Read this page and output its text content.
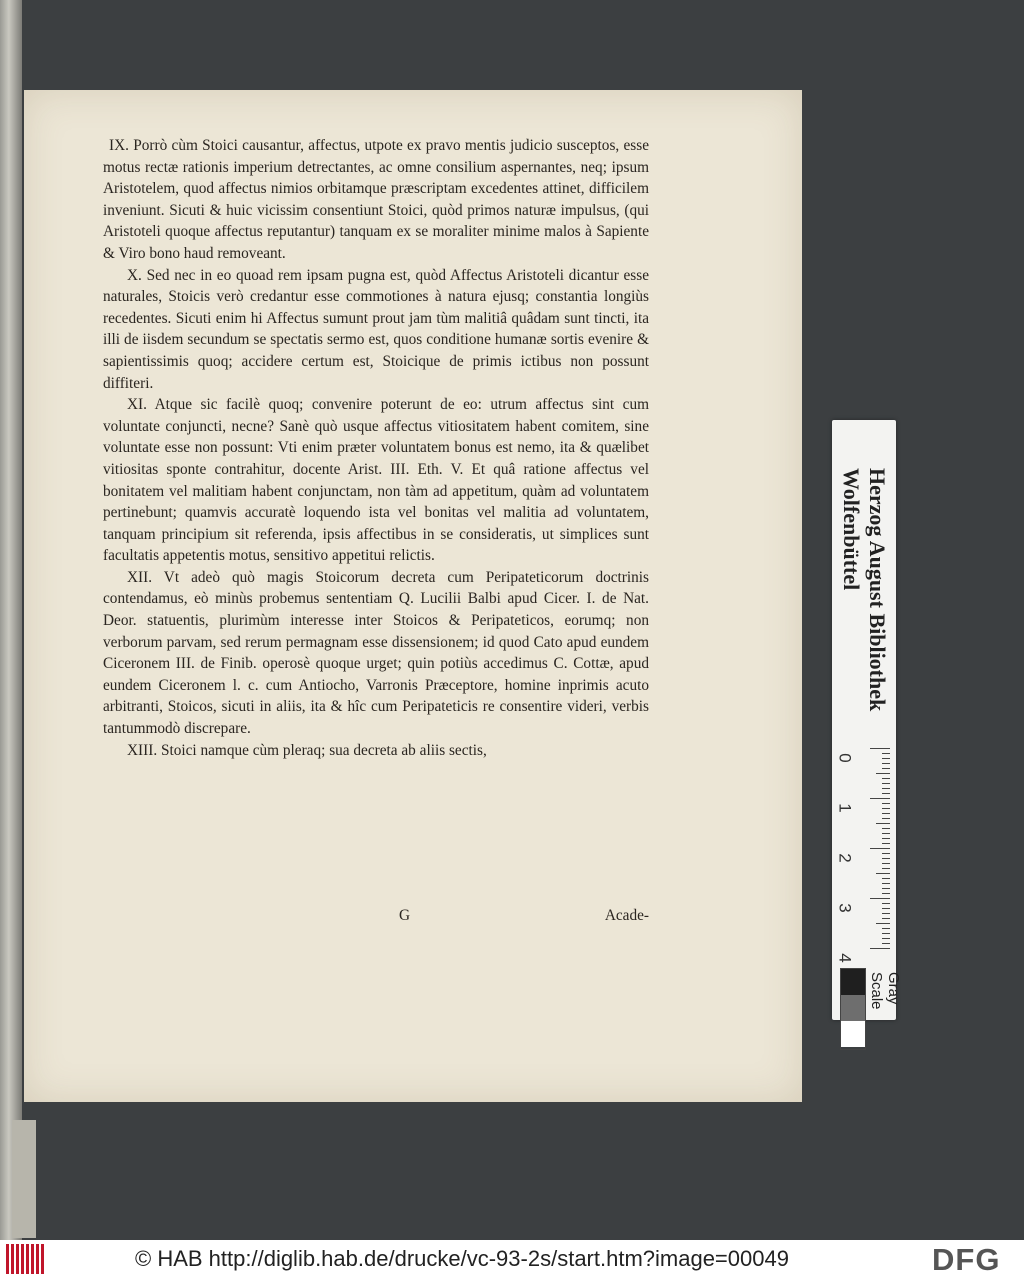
IX. Porrò cùm Stoici causantur, affectus, utpote ex pravo mentis judicio susceptos, esse motus rectæ rationis imperium detrectantes, ac omne consilium aspernantes, neq; ipsum Aristotelem, quod affectus nimios orbitamque præscriptam excedentes attinet, difficilem inveniunt. Sicuti & huic vicissim consentiunt Stoici, quòd primos naturæ impulsus, (qui Aristoteli quoque affectus reputantur) tanquam ex se moraliter minime malos à Sapiente & Viro bono haud removeant.

X. Sed nec in eo quoad rem ipsam pugna est, quòd Affectus Aristoteli dicantur esse naturales, Stoicis verò credantur esse commotiones à natura ejusq; constantia longiùs recedentes. Sicuti enim hi Affectus sumunt prout jam tùm malitiâ quâdam sunt tincti, ita illi de iisdem secundum se spectatis sermo est, quos conditione humanæ sortis evenire & sapientissimis quoq; accidere certum est, Stoicique de primis ictibus non possunt diffiteri.

XI. Atque sic facilè quoq; convenire poterunt de eo: utrum affectus sint cum voluntate conjuncti, necne? Sanè quò usque affectus vitiositatem habent comitem, sine voluntate esse non possunt: Vti enim præter voluntatem bonus est nemo, ita & quælibet vitiositas sponte contrahitur, docente Arist. III. Eth. V. Et quâ ratione affectus vel bonitatem vel malitiam habent conjunctam, non tàm ad appetitum, quàm ad voluntatem pertinebunt; quamvis accuratè loquendo ista vel bonitas vel malitia ad voluntatem, tanquam principium sit referenda, ipsis affectibus in se consideratis, ut simplices sunt facultatis appetentis motus, sensitivo appetitui relictis.

XII. Vt adeò quò magis Stoicorum decreta cum Peripateticorum doctrinis contendamus, eò minùs probemus sententiam Q. Lucilii Balbi apud Cicer. I. de Nat. Deor. statuentis, plurimùm interesse inter Stoicos & Peripateticos, eorumq; non verborum parvam, sed rerum permagnam esse dissensionem; id quod Cato apud eundem Ciceronem III. de Finib. operosè quoque urget; quin potiùs accedimus C. Cottæ, apud eundem Ciceronem l. c. cum Antiocho, Varronis Præceptore, homine inprimis acuto arbitranti, Stoicos, sicuti in aliis, ita & hîc cum Peripateticis re consentire videri, verbis tantummodò discrepare.

XIII. Stoici namque cùm pleraq; sua decreta ab aliis sectis,

G	Acade-
Herzog August Bibliothek
Wolfenbüttel
0
1
2
3
4
Gray Scale
© HAB http://diglib.hab.de/drucke/vc-93-2s/start.htm?image=00049	DFG
